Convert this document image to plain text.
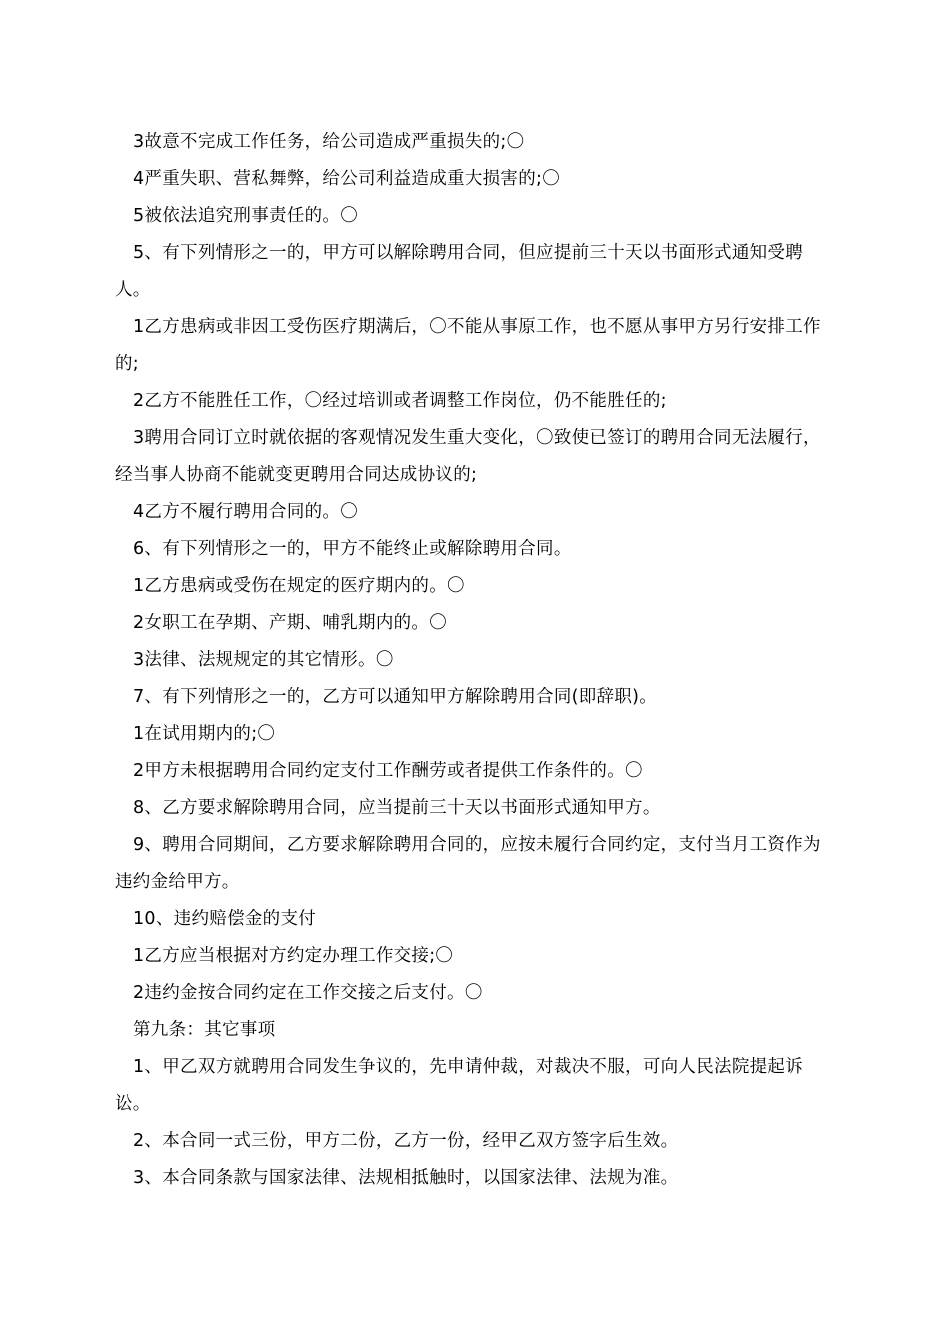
3故意不完成工作任务，给公司造成严重损失的;〇

4严重失职、营私舞弊，给公司利益造成重大损害的;〇

5被依法追究刑事责任的。〇

5、有下列情形之一的，甲方可以解除聘用合同，但应提前三十天以书面形式通知受聘人。

1乙方患病或非因工受伤医疗期满后，〇不能从事原工作，也不愿从事甲方另行安排工作的;

2乙方不能胜任工作，〇经过培训或者调整工作岗位，仍不能胜任的;

3聘用合同订立时就依据的客观情况发生重大变化，〇致使已签订的聘用合同无法履行，经当事人协商不能就变更聘用合同达成协议的;

4乙方不履行聘用合同的。〇

6、有下列情形之一的，甲方不能终止或解除聘用合同。

1乙方患病或受伤在规定的医疗期内的。〇

2女职工在孕期、产期、哺乳期内的。〇

3法律、法规规定的其它情形。〇

7、有下列情形之一的，乙方可以通知甲方解除聘用合同(即辞职)。

1在试用期内的;〇

2甲方未根据聘用合同约定支付工作酬劳或者提供工作条件的。〇

8、乙方要求解除聘用合同，应当提前三十天以书面形式通知甲方。

9、聘用合同期间，乙方要求解除聘用合同的，应按未履行合同约定，支付当月工资作为违约金给甲方。

10、违约赔偿金的支付

1乙方应当根据对方约定办理工作交接;〇

2违约金按合同约定在工作交接之后支付。〇

第九条：其它事项

1、甲乙双方就聘用合同发生争议的，先申请仲裁，对裁决不服，可向人民法院提起诉讼。

2、本合同一式三份，甲方二份，乙方一份，经甲乙双方签字后生效。

3、本合同条款与国家法律、法规相抵触时，以国家法律、法规为准。
